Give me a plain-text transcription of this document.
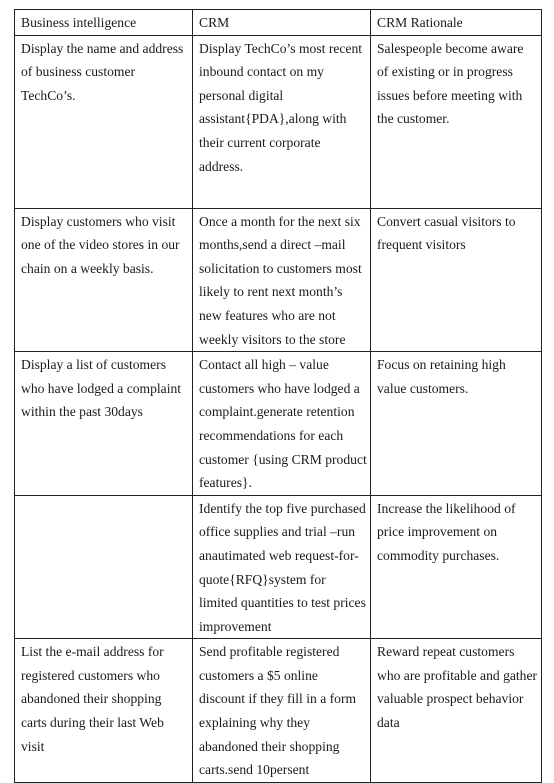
Business intelligence	CRM	CRM Rationale

Display the name and address of business customer TechCo’s.	Display TechCo’s most recent inbound contact on my personal digital assistant{PDA},along with their current corporate address.	Salespeople become aware of existing or in progress issues before meeting with the customer.

Display customers who visit one of the video stores in our chain on a weekly basis.	Once a month for the next six months,send a direct –mail solicitation to customers most likely to rent next month’s new features who are not weekly visitors to the store	Convert casual visitors to frequent visitors

Display a list of customers who have lodged a complaint within the past 30days	Contact all high – value customers who have lodged a complaint.generate retention recommendations for each customer {using CRM product features}.	Focus on retaining high value customers.

	Identify the top five purchased office supplies and trial –run anautimated web request-for-quote{RFQ}system for limited quantities to test prices improvement	Increase the likelihood of price improvement on commodity purchases.

List the e-mail address for registered customers who abandoned their shopping carts during their last Web visit	Send profitable registered customers a $5 online discount if they fill in a form explaining why they abandoned their shopping carts.send 10persent	Reward repeat customers who are profitable and gather valuable prospect behavior data
